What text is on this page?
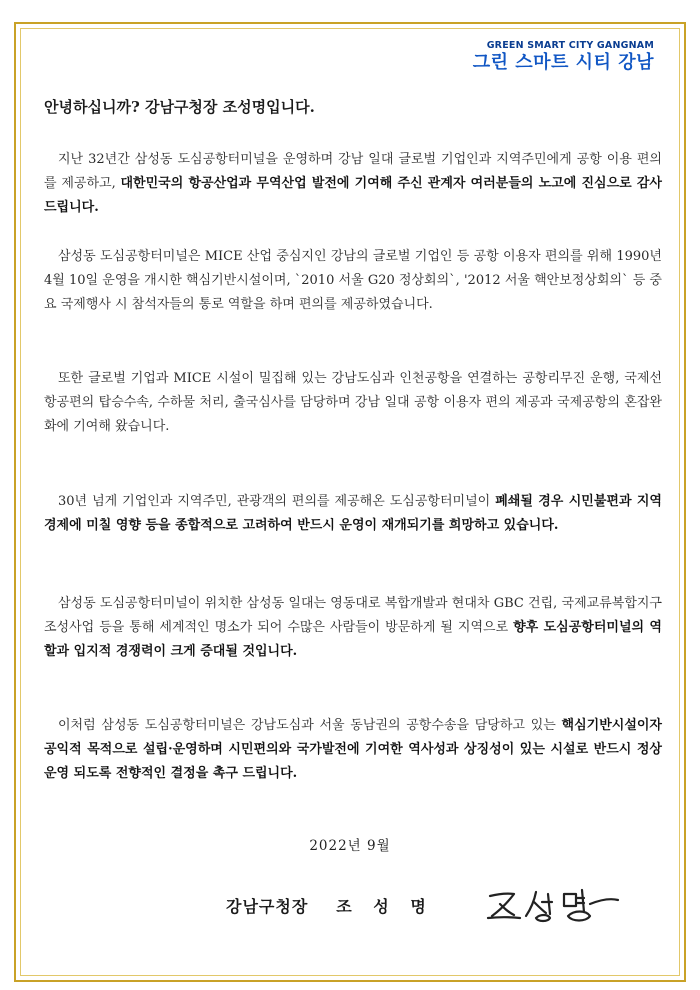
GREEN SMART CITY GANGNAM
그린 스마트 시티 강남
안녕하십니까? 강남구청장 조성명입니다.

지난 32년간 삼성동 도심공항터미널을 운영하며 강남 일대 글로벌 기업인과 지역주민에게 공항 이용 편의를 제공하고, 대한민국의 항공산업과 무역산업 발전에 기여해 주신 관계자 여러분들의 노고에 진심으로 감사드립니다.

삼성동 도심공항터미널은 MICE 산업 중심지인 강남의 글로벌 기업인 등 공항 이용자 편의를 위해 1990년 4월 10일 운영을 개시한 핵심기반시설이며, `2010 서울 G20 정상회의`, '2012 서울 핵안보정상회의` 등 중요 국제행사 시 참석자들의 통로 역할을 하며 편의를 제공하였습니다.

또한 글로벌 기업과 MICE 시설이 밀집해 있는 강남도심과 인천공항을 연결하는 공항리무진 운행, 국제선 항공편의 탑승수속, 수하물 처리, 출국심사를 담당하며 강남 일대 공항 이용자 편의 제공과 국제공항의 혼잡완화에 기여해 왔습니다.

30년 넘게 기업인과 지역주민, 관광객의 편의를 제공해온 도심공항터미널이 폐쇄될 경우 시민불편과 지역경제에 미칠 영향 등을 종합적으로 고려하여 반드시 운영이 재개되기를 희망하고 있습니다.

삼성동 도심공항터미널이 위치한 삼성동 일대는 영동대로 복합개발과 현대차 GBC 건립, 국제교류복합지구 조성사업 등을 통해 세계적인 명소가 되어 수많은 사람들이 방문하게 될 지역으로 향후 도심공항터미널의 역할과 입지적 경쟁력이 크게 증대될 것입니다.

이처럼 삼성동 도심공항터미널은 강남도심과 서울 동남권의 공항수송을 담당하고 있는 핵심기반시설이자 공익적 목적으로 설립·운영하며 시민편의와 국가발전에 기여한 역사성과 상징성이 있는 시설로 반드시 정상 운영 되도록 전향적인 결정을 촉구 드립니다.

2022년 9월
강남구청장 조 성 명
